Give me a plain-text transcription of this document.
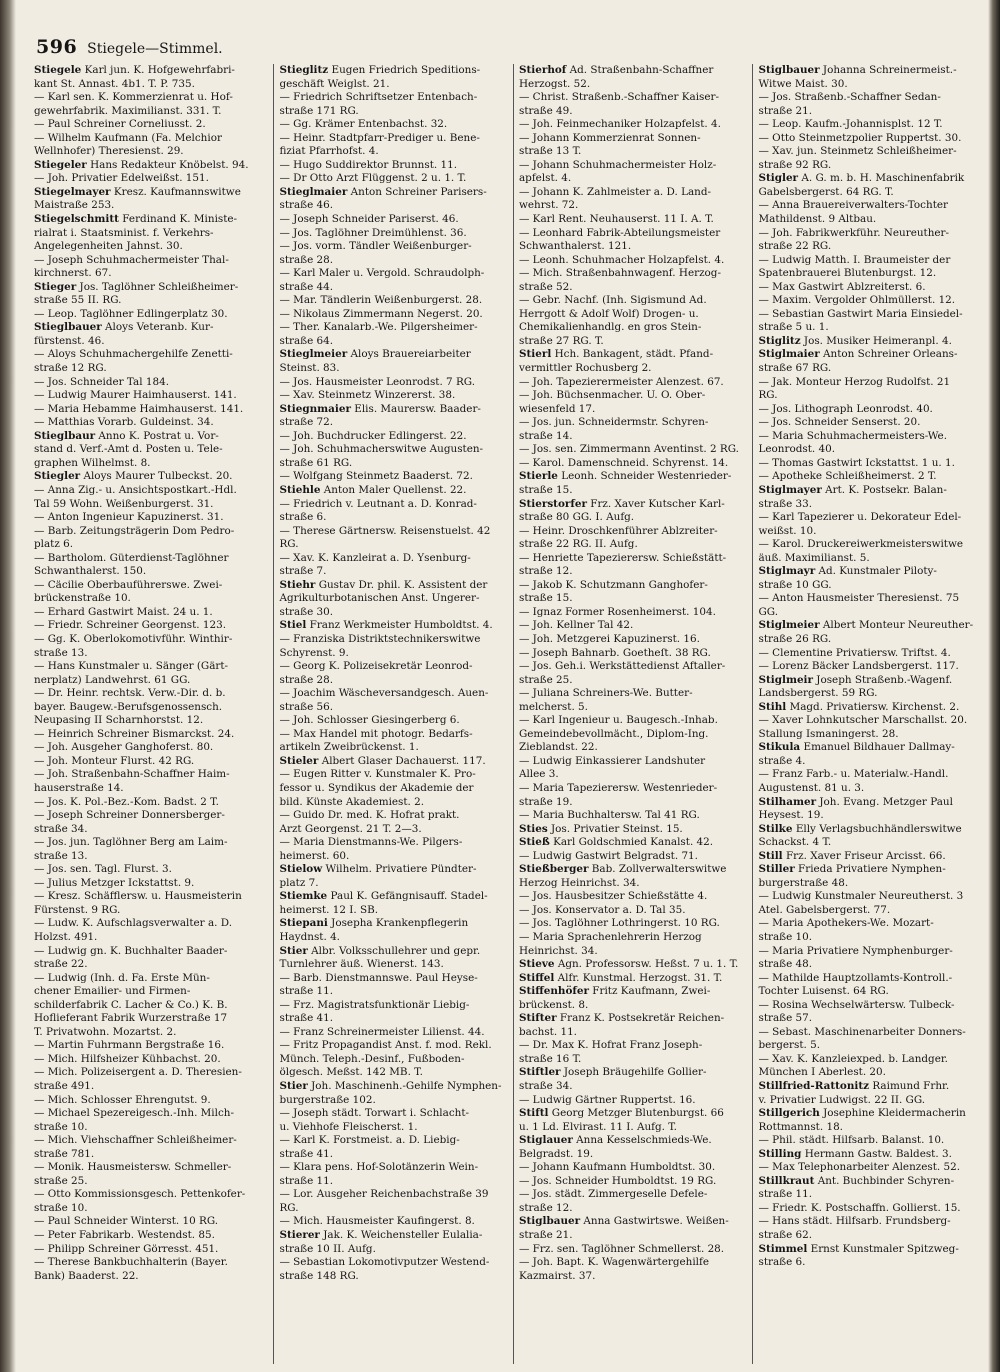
596 Stiegele—Stimmel.
Stiegele Karl jun. K. Hofgewehrfabri-
kant St. Annast. 4b1. T. P. 735.
— Karl sen. K. Kommerzienrat u. Hof-
gewehrfabrik. Maximilianst. 331. T.
— Paul Schreiner Corneliusst. 2.
— Wilhelm Kaufmann (Fa. Melchior
Wellnhofer) Theresienst. 29.
Stiegeler Hans Redakteur Knöbelst. 94.
— Joh. Privatier Edelweißst. 151.
Stiegelmayer Kresz. Kaufmannswitwe
Maistraße 253.
Stiegelschmitt Ferdinand K. Ministe-
rialrat i. Staatsminist. f. Verkehrs-
Angelegenheiten Jahnst. 30.
— Joseph Schuhmachermeister Thal-
kirchnerst. 67.
Stieger Jos. Taglöhner Schleißheimer-
straße 55 II. RG.
— Leop. Taglöhner Edlingerplatz 30.
Stieglbauer Aloys Veteranb. Kur-
fürstenst. 46.
— Aloys Schuhmachergehilfe Zenetti-
straße 12 RG.
— Jos. Schneider Tal 184.
— Ludwig Maurer Haimhauserst. 141.
— Maria Hebamme Haimhauserst. 141.
— Matthias Vorarb. Guldeinst. 34.
Stieglbaur Anno K. Postrat u. Vor-
stand d. Verf.-Amt d. Posten u. Tele-
graphen Wilhelmst. 8.
Stiegler Aloys Maurer Tulbeckst. 20.
— Anna Zig.- u. Ansichtspostkart.-Hdl.
Tal 59 Wohn. Weißenburgerst. 31.
— Anton Ingenieur Kapuzinerst. 31.
— Barb. Zeitungsträgerin Dom Pedro-
platz 6.
— Bartholom. Güterdienst-Taglöhner
Schwanthalerst. 150.
— Cäcilie Oberbauführerswe. Zwei-
brückenstraße 10.
— Erhard Gastwirt Maist. 24 u. 1.
— Friedr. Schreiner Georgenst. 123.
— Gg. K. Oberlokomotivführ. Winthir-
straße 13.
— Hans Kunstmaler u. Sänger (Gärt-
nerplatz) Landwehrst. 61 GG.
— Dr. Heinr. rechtsk. Verw.-Dir. d. b.
bayer. Baugew.-Berufsgenossensch.
Neupasing II Scharnhorstst. 12.
— Heinrich Schreiner Bismarckst. 24.
— Joh. Ausgeher Ganghoferst. 80.
— Joh. Monteur Flurst. 42 RG.
— Joh. Straßenbahn-Schaffner Haim-
hauserstraße 14.
— Jos. K. Pol.-Bez.-Kom. Badst. 2 T.
— Joseph Schreiner Donnersberger-
straße 34.
— Jos. jun. Taglöhner Berg am Laim-
straße 13.
— Jos. sen. Tagl. Flurst. 3.
— Julius Metzger Ickstattst. 9.
— Kresz. Schäfflersw. u. Hausmeisterin
Fürstenst. 9 RG.
— Ludw. K. Aufschlagsverwalter a. D.
Holzst. 491.
— Ludwig gn. K. Buchhalter Baader-
straße 22.
— Ludwig (Inh. d. Fa. Erste Mün-
chener Emailier- und Firmen-
schilderfabrik C. Lacher & Co.) K. B.
Hoflieferant Fabrik Wurzerstraße 17
T. Privatwohn. Mozartst. 2.
— Martin Fuhrmann Bergstraße 16.
— Mich. Hilfsheizer Kühbachst. 20.
— Mich. Polizeisergent a. D. Theresien-
straße 491.
— Mich. Schlosser Ehrengutst. 9.
— Michael Spezereigesch.-Inh. Milch-
straße 10.
— Mich. Viehschaffner Schleißheimer-
straße 781.
— Monik. Hausmeistersw. Schmeller-
straße 25.
— Otto Kommissionsgesch. Pettenkofer-
straße 10.
— Paul Schneider Winterst. 10 RG.
— Peter Fabrikarb. Westendst. 85.
— Philipp Schreiner Görresst. 451.
— Therese Bankbuchhalterin (Bayer.
Bank) Baaderst. 22.
Stieglitz Eugen Friedrich Speditions-
geschäft Weiglst. 21.
— Friedrich Schriftsetzer Entenbach-
straße 171 RG.
— Gg. Krämer Entenbachst. 32.
— Heinr. Stadtpfarr-Prediger u. Bene-
fiziat Pfarrhofst. 4.
— Hugo Suddirektor Brunnst. 11.
— Dr Otto Arzt Flüggenst. 2 u. 1. T.
Stieglmaier Anton Schreiner Parisers-
straße 46.
— Joseph Schneider Pariserst. 46.
— Jos. Taglöhner Dreimühlenst. 36.
— Jos. vorm. Tändler Weißenburger-
straße 28.
— Karl Maler u. Vergold. Schraudolph-
straße 44.
— Mar. Tändlerin Weißenburgerst. 28.
— Nikolaus Zimmermann Negerst. 20.
— Ther. Kanalarb.-We. Pilgersheimer-
straße 64.
Stieglmeier Aloys Brauereiarbeiter
Steinst. 83.
— Jos. Hausmeister Leonrodst. 7 RG.
— Xav. Steinmetz Winzererst. 38.
Stiegnmaier Elis. Maurersw. Baader-
straße 72.
— Joh. Buchdrucker Edlingerst. 22.
— Joh. Schuhmacherswitwe Augusten-
straße 61 RG.
— Wolfgang Steinmetz Baaderst. 72.
Stiehle Anton Maler Quellenst. 22.
— Friedrich v. Leutnant a. D. Konrad-
straße 6.
— Therese Gärtnersw. Reisenstuelst. 42
RG.
— Xav. K. Kanzleirat a. D. Ysenburg-
straße 7.
Stiehr Gustav Dr. phil. K. Assistent der
Agrikulturbotanischen Anst. Ungerer-
straße 30.
Stiel Franz Werkmeister Humboldtst. 4.
— Franziska Distriktstechnikerswitwe
Schyrenst. 9.
— Georg K. Polizeisekretär Leonrod-
straße 28.
— Joachim Wäscheversandgesch. Auen-
straße 56.
— Joh. Schlosser Giesingerberg 6.
— Max Handel mit photogr. Bedarfs-
artikeln Zweibrückenst. 1.
Stieler Albert Glaser Dachauerst. 117.
— Eugen Ritter v. Kunstmaler K. Pro-
fessor u. Syndikus der Akademie der
bild. Künste Akademiest. 2.
— Guido Dr. med. K. Hofrat prakt.
Arzt Georgenst. 21 T. 2—3.
— Maria Dienstmanns-We. Pilgers-
heimerst. 60.
Stielow Wilhelm. Privatiere Pündter-
platz 7.
Stiemke Paul K. Gefängnisauff. Stadel-
heimerst. 12 I. SB.
Stiepani Josepha Krankenpflegerin
Haydnst. 4.
Stier Albr. Volksschullehrer und gepr.
Turnlehrer äuß. Wienerst. 143.
— Barb. Dienstmannswe. Paul Heyse-
straße 11.
— Frz. Magistratsfunktionär Liebig-
straße 41.
— Franz Schreinermeister Lilienst. 44.
— Fritz Propagandist Anst. f. mod. Rekl.
Münch. Teleph.-Desinf., Fußboden-
ölgesch. Meßst. 142 MB. T.
Stier Joh. Maschinenh.-Gehilfe Nymphen-
burgerstraße 102.
— Joseph städt. Torwart i. Schlacht-
u. Viehhofe Fleischerst. 1.
— Karl K. Forstmeist. a. D. Liebig-
straße 41.
— Klara pens. Hof-Solotänzerin Wein-
straße 11.
— Lor. Ausgeher Reichenbachstraße 39
RG.
— Mich. Hausmeister Kaufingerst. 8.
Stierer Jak. K. Weichensteller Eulalia-
straße 10 II. Aufg.
— Sebastian Lokomotivputzer Westend-
straße 148 RG.
Stierhof Ad. Straßenbahn-Schaffner
Herzogst. 52.
— Christ. Straßenb.-Schaffner Kaiser-
straße 49.
— Joh. Feinmechaniker Holzapfelst. 4.
— Johann Kommerzienrat Sonnen-
straße 13 T.
— Johann Schuhmachermeister Holz-
apfelst. 4.
— Johann K. Zahlmeister a. D. Land-
wehrst. 72.
— Karl Rent. Neuhauserst. 11 I. A. T.
— Leonhard Fabrik-Abteilungsmeister
Schwanthalerst. 121.
— Leonh. Schuhmacher Holzapfelst. 4.
— Mich. Straßenbahnwagenf. Herzog-
straße 52.
— Gebr. Nachf. (Inh. Sigismund Ad.
Herrgott & Adolf Wolf) Drogen- u.
Chemikalienhandlg. en gros Stein-
straße 27 RG. T.
Stierl Hch. Bankagent, städt. Pfand-
vermittler Rochusberg 2.
— Joh. Tapezierermeister Alenzest. 67.
— Joh. Büchsenmacher. U. O. Ober-
wiesenfeld 17.
— Jos. jun. Schneidermstr. Schyren-
straße 14.
— Jos. sen. Zimmermann Aventinst. 2 RG.
— Karol. Damenschneid. Schyrenst. 14.
Stierle Leonh. Schneider Westenrieder-
straße 15.
Stierstorfer Frz. Xaver Kutscher Karl-
straße 80 GG. I. Aufg.
— Heinr. Droschkenführer Ablzreiter-
straße 22 RG. II. Aufg.
— Henriette Tapezierersw. Schießstätt-
straße 12.
— Jakob K. Schutzmann Ganghofer-
straße 15.
— Ignaz Former Rosenheimerst. 104.
— Joh. Kellner Tal 42.
— Joh. Metzgerei Kapuzinerst. 16.
— Joseph Bahnarb. Goetheſt. 38 RG.
— Jos. Geh.i. Werkstättedienst Aftaller-
straße 25.
— Juliana Schreiners-We. Butter-
melcherst. 5.
— Karl Ingenieur u. Baugesch.-Inhab.
Gemeindebevollmächt., Diplom-Ing.
Zieblandst. 22.
— Ludwig Einkassierer Landshuter
Allee 3.
— Maria Tapezierersw. Westenrieder-
straße 19.
— Maria Buchhaltersw. Tal 41 RG.
Sties Jos. Privatier Steinst. 15.
Stieß Karl Goldschmied Kanalst. 42.
— Ludwig Gastwirt Belgradst. 71.
Stießberger Bab. Zollverwalterswitwe
Herzog Heinrichst. 34.
— Jos. Hausbesitzer Schießstätte 4.
— Jos. Konservator a. D. Tal 35.
— Jos. Taglöhner Lothringerst. 10 RG.
— Maria Sprachenlehrerin Herzog
Heinrichst. 34.
Stieve Agn. Professorsw. Heßst. 7 u. 1. T.
Stiffel Alfr. Kunstmal. Herzogst. 31. T.
Stiffenhöfer Fritz Kaufmann, Zwei-
brückenst. 8.
Stifter Franz K. Postsekretär Reichen-
bachst. 11.
— Dr. Max K. Hofrat Franz Joseph-
straße 16 T.
Stiftler Joseph Bräugehilfe Gollier-
straße 34.
— Ludwig Gärtner Ruppertst. 16.
Stiftl Georg Metzger Blutenburgst. 66
u. 1 Ld. Elvirast. 11 I. Aufg. T.
Stiglauer Anna Kesselschmieds-We.
Belgradst. 19.
— Johann Kaufmann Humboldtst. 30.
— Jos. Schneider Humboldtst. 19 RG.
— Jos. städt. Zimmergeselle Defele-
straße 12.
Stiglbauer Anna Gastwirtswe. Weißen-
straße 21.
— Frz. sen. Taglöhner Schmellerst. 28.
— Joh. Bapt. K. Wagenwärtergehilfe
Kazmairst. 37.
Stiglbauer Johanna Schreinermeist.-
Witwe Maist. 30.
— Jos. Straßenb.-Schaffner Sedan-
straße 21.
— Leop. Kaufm.-Johannisplst. 12 T.
— Otto Steinmetzpolier Ruppertst. 30.
— Xav. jun. Steinmetz Schleißheimer-
straße 92 RG.
Stigler A. G. m. b. H. Maschinenfabrik
Gabelsbergerst. 64 RG. T.
— Anna Brauereiverwalters-Tochter
Mathildenst. 9 Altbau.
— Joh. Fabrikwerkführ. Neureuther-
straße 22 RG.
— Ludwig Matth. I. Braumeister der
Spatenbrauerei Blutenburgst. 12.
— Max Gastwirt Ablzreiterst. 6.
— Maxim. Vergolder Ohlmüllerst. 12.
— Sebastian Gastwirt Maria Einsiedel-
straße 5 u. 1.
Stiglitz Jos. Musiker Heimeranpl. 4.
Stiglmaier Anton Schreiner Orleans-
straße 67 RG.
— Jak. Monteur Herzog Rudolfst. 21
RG.
— Jos. Lithograph Leonrodst. 40.
— Jos. Schneider Senserst. 20.
— Maria Schuhmachermeisters-We.
Leonrodst. 40.
— Thomas Gastwirt Ickstattst. 1 u. 1.
— Apotheke Schleißheimerst. 2 T.
Stiglmayer Art. K. Postsekr. Balan-
straße 33.
— Karl Tapezierer u. Dekorateur Edel-
weißst. 10.
— Karol. Druckereiwerkmeisterswitwe
äuß. Maximilianst. 5.
Stiglmayr Ad. Kunstmaler Piloty-
straße 10 GG.
— Anton Hausmeister Theresienst. 75
GG.
Stiglmeier Albert Monteur Neureuther-
straße 26 RG.
— Clementine Privatiersw. Triftst. 4.
— Lorenz Bäcker Landsbergerst. 117.
Stiglmeir Joseph Straßenb.-Wagenf.
Landsbergerst. 59 RG.
Stihl Magd. Privatiersw. Kirchenst. 2.
— Xaver Lohnkutscher Marschallst. 20.
Stallung Ismaningerst. 28.
Stikula Emanuel Bildhauer Dallmay-
straße 4.
— Franz Farb.- u. Materialw.-Handl.
Augustenst. 81 u. 3.
Stilhamer Joh. Evang. Metzger Paul
Heysest. 19.
Stilke Elly Verlagsbuchhändlerswitwe
Schackst. 4 T.
Still Frz. Xaver Friseur Arcisst. 66.
Stiller Frieda Privatiere Nymphen-
burgerstraße 48.
— Ludwig Kunstmaler Neureutherst. 3
Atel. Gabelsbergerst. 77.
— Maria Apothekers-We. Mozart-
straße 10.
— Maria Privatiere Nymphenburger-
straße 48.
— Mathilde Hauptzollamts-Kontroll.-
Tochter Luisenst. 64 RG.
— Rosina Wechselwärtersw. Tulbeck-
straße 57.
— Sebast. Maschinenarbeiter Donners-
bergerst. 5.
— Xav. K. Kanzleiexped. b. Landger.
München I Aberlest. 20.
Stillfried-Rattonitz Raimund Frhr.
v. Privatier Ludwigst. 22 II. GG.
Stillgerich Josephine Kleidermacherin
Rottmannst. 18.
— Phil. städt. Hilfsarb. Balanst. 10.
Stilling Hermann Gastw. Baldest. 3.
— Max Telephonarbeiter Alenzest. 52.
Stillkraut Ant. Buchbinder Schyren-
straße 11.
— Friedr. K. Postschaffn. Gollierst. 15.
— Hans städt. Hilfsarb. Frundsberg-
straße 62.
Stimmel Ernst Kunstmaler Spitzweg-
straße 6.
